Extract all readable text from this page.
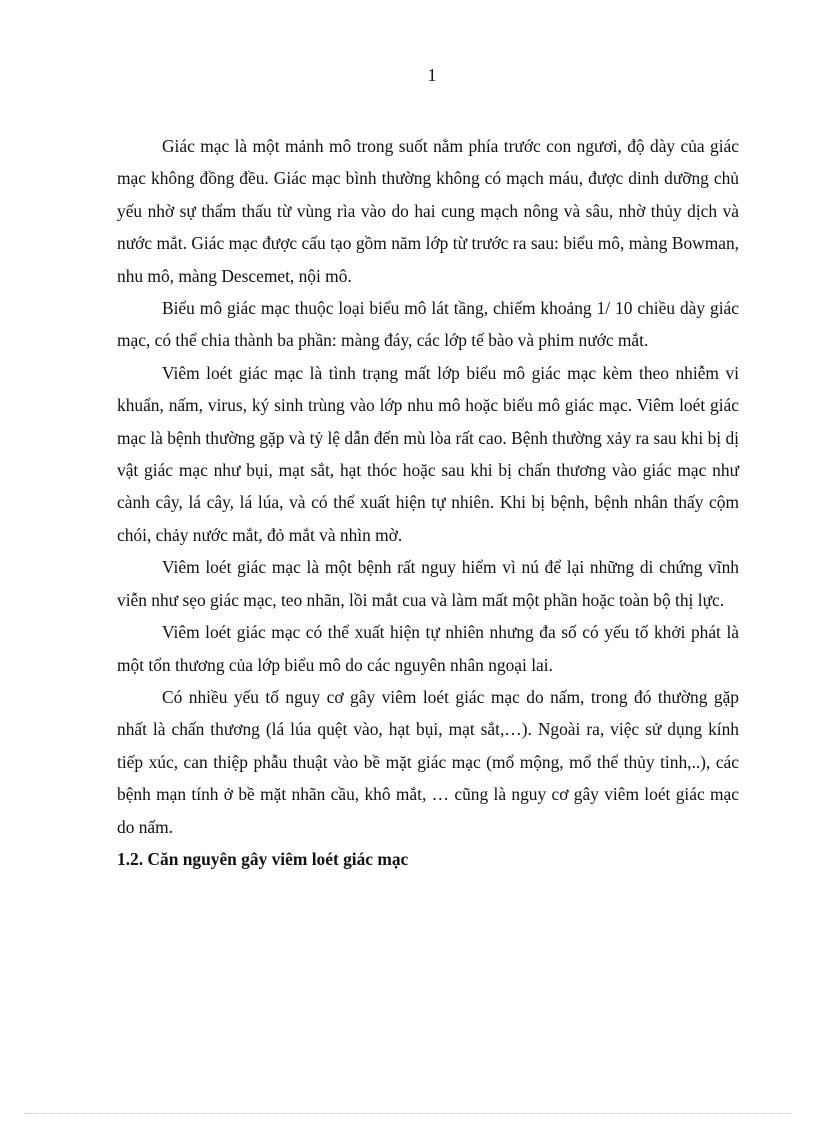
1

Giác mạc là một mảnh mô trong suốt nằm phía trước con ngươi, độ dày của giác mạc không đồng đều. Giác mạc bình thường không có mạch máu, được dinh dưỡng chủ yếu nhờ sự thẩm thấu từ vùng rìa vào do hai cung mạch nông và sâu, nhờ thủy dịch và nước mắt. Giác mạc được cấu tạo gồm năm lớp từ trước ra sau: biểu mô, màng Bowman, nhu mô, màng Descemet, nội mô.

Biểu mô giác mạc thuộc loại biểu mô lát tầng, chiếm khoảng 1/ 10 chiều dày giác mạc, có thể chia thành ba phần: màng đáy, các lớp tế bào và phim nước mắt.

Viêm loét giác mạc là tình trạng mất lớp biểu mô giác mạc kèm theo nhiễm vi khuẩn, nấm, virus, ký sinh trùng vào lớp nhu mô hoặc biểu mô giác mạc. Viêm loét giác mạc là bệnh thường gặp và tỷ lệ dẫn đến mù lòa rất cao. Bệnh thường xảy ra sau khi bị dị vật giác mạc như bụi, mạt sắt, hạt thóc hoặc sau khi bị chấn thương vào giác mạc như cành cây, lá cây, lá lúa, và có thể xuất hiện tự nhiên. Khi bị bệnh, bệnh nhân thấy cộm chói, chảy nước mắt, đỏ mắt và nhìn mờ.

Viêm loét giác mạc là một bệnh rất nguy hiểm vì nú để lại những di chứng vĩnh viễn như sẹo giác mạc, teo nhãn, lồi mắt cua và làm mất một phần hoặc toàn bộ thị lực.

Viêm loét giác mạc có thể xuất hiện tự nhiên nhưng đa số có yếu tố khởi phát là một tổn thương của lớp biểu mô do các nguyên nhân ngoại lai.

Có nhiều yếu tố nguy cơ gây viêm loét giác mạc do nấm, trong đó thường gặp nhất là chấn thương (lá lúa quệt vào, hạt bụi, mạt sắt,…). Ngoài ra, việc sử dụng kính tiếp xúc, can thiệp phẫu thuật vào bề mặt giác mạc (mổ mộng, mổ thể thủy tinh,..), các bệnh mạn tính ở bề mặt nhãn cầu, khô mắt, … cũng là nguy cơ gây viêm loét giác mạc do nấm.

1.2. Căn nguyên gây viêm loét giác mạc
